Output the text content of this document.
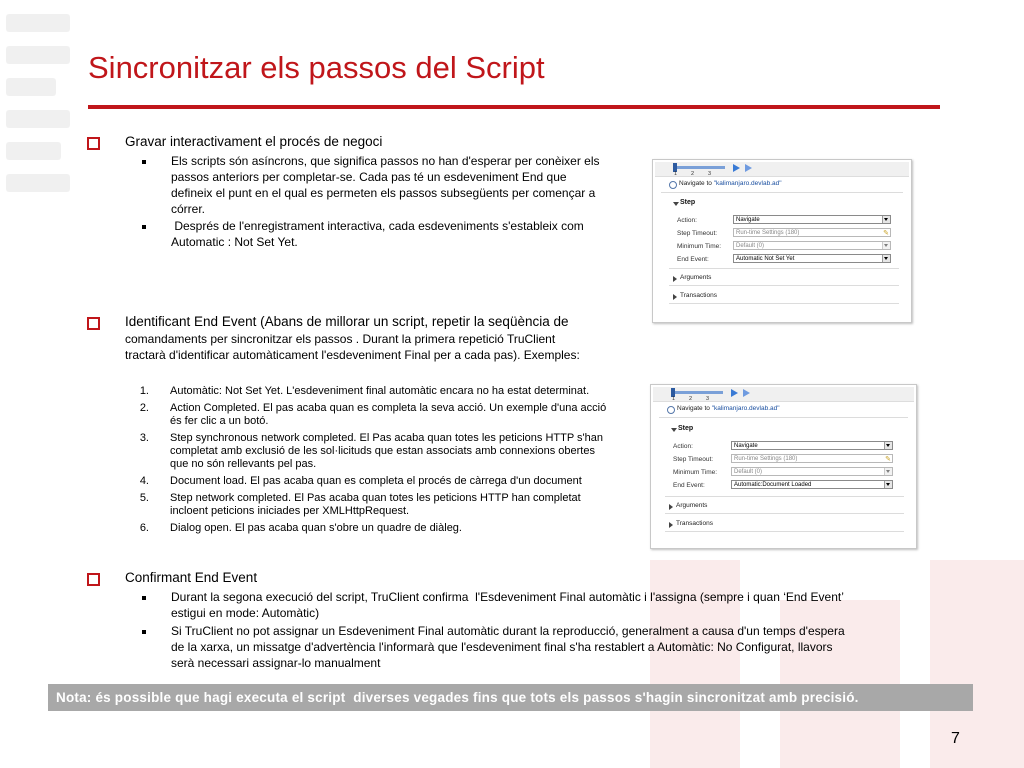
Sincronitzar els passos del Script
Gravar interactivament el procés de negoci
Els scripts són asíncrons, que significa passos no han d'esperar per conèixer els
passos anteriors per completar-se. Cada pas té un esdeveniment End que
defineix el punt en el qual es permeten els passos subsegüents per començar a
córrer.
Després de l'enregistrament interactiva, cada esdeveniments s'estableix com
Automatic : Not Set Yet.
Identificant End Event (Abans de millorar un script, repetir la seqüència de
comandaments per sincronitzar els passos . Durant la primera repetició TruClient
tractarà d'identificar automàticament l'esdeveniment Final per a cada pas). Exemples:
1. Automàtic: Not Set Yet. L'esdeveniment final automàtic encara no ha estat determinat.
2. Action Completed. El pas acaba quan es completa la seva acció. Un exemple d'una acció
és fer clic a un botó.
3. Step synchronous network completed. El Pas acaba quan totes les peticions HTTP s'han
completat amb exclusió de les sol·licituds que estan associats amb connexions obertes
que no són rellevants pel pas.
4. Document load. El pas acaba quan es completa el procés de càrrega d'un document
5. Step network completed. El Pas acaba quan totes les peticions HTTP han completat
incloent peticions iniciades per XMLHttpRequest.
6. Dialog open. El pas acaba quan s'obre un quadre de diàleg.
Confirmant End Event
Durant la segona execució del script, TruClient confirma  l'Esdeveniment Final automàtic i l'assigna (sempre i quan ‘End Event’
estigui en mode: Automàtic)
Si TruClient no pot assignar un Esdeveniment Final automàtic durant la reproducció, generalment a causa d'un temps d'espera
de la xarxa, un missatge d'advertència l'informarà que l'esdeveniment final s'ha restablert a Automàtic: No Configurat, llavors
serà necessari assignar-lo manualment
1	2	3
Navigate to "kalimanjaro.devlab.ad"
Step
Action:	Navigate
Step Timeout:	Run-time Settings (180)	✎
Minimum Time:	Default (0)
End Event:	Automatic Not Set Yet
Arguments
Transactions
1	2	3
Navigate to "kalimanjaro.devlab.ad"
Step
Action:	Navigate
Step Timeout:	Run-time Settings (180)	✎
Minimum Time:	Default (0)
End Event:	Automatic:Document Loaded
Arguments
Transactions
Nota: és possible que hagi executa el script  diverses vegades fins que tots els passos s'hagin sincronitzat amb precisió.
7
